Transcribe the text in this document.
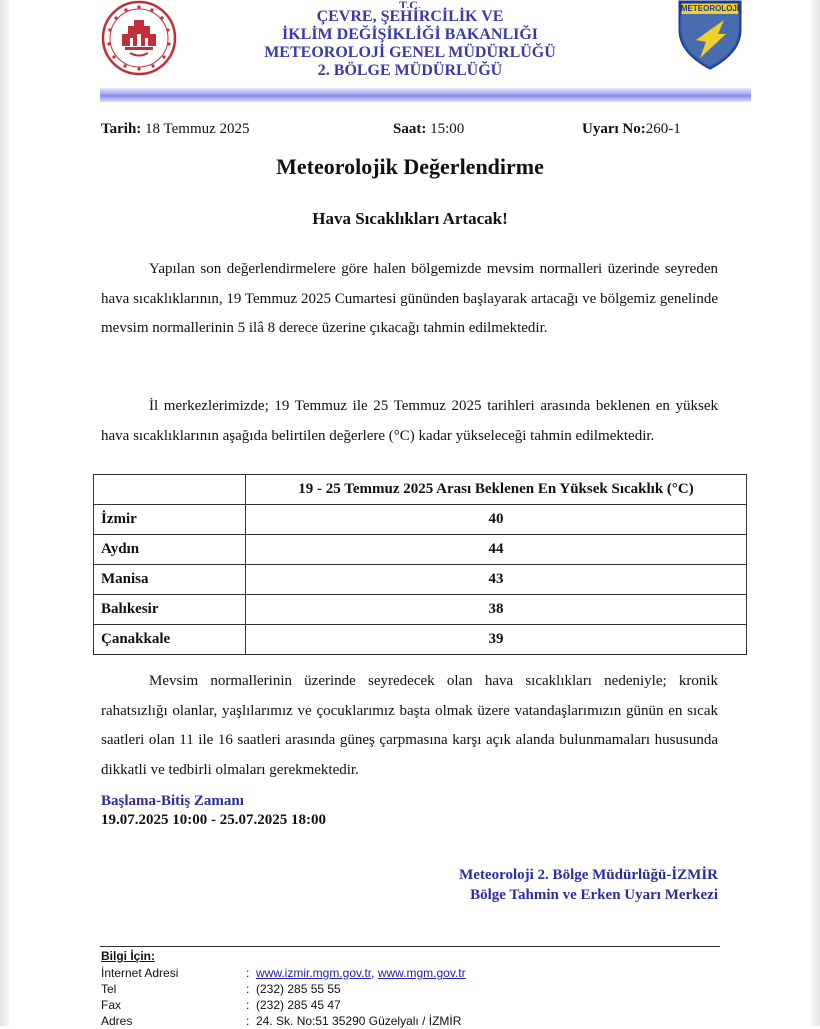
T.C.
ÇEVRE, ŞEHİRCİLİK VE
İKLİM DEĞİŞİKLİĞİ BAKANLIĞI
METEOROLOJİ GENEL MÜDÜRLÜĞÜ
2. BÖLGE MÜDÜRLÜĞÜ
METEOROLOJİ
Tarih: 18 Temmuz 2025	Saat: 15:00	Uyarı No:260-1
Meteorolojik Değerlendirme
Hava Sıcaklıkları Artacak!

Yapılan son değerlendirmelere göre halen bölgemizde mevsim normalleri üzerinde seyreden hava sıcaklıklarının, 19 Temmuz 2025 Cumartesi gününden başlayarak artacağı ve bölgemiz genelinde mevsim normallerinin 5 ilâ 8 derece üzerine çıkacağı tahmin edilmektedir.

İl merkezlerimizde; 19 Temmuz ile 25 Temmuz 2025 tarihleri arasında beklenen en yüksek hava sıcaklıklarının aşağıda belirtilen değerlere (°C) kadar yükseleceği tahmin edilmektedir.

	19 - 25 Temmuz 2025 Arası Beklenen En Yüksek Sıcaklık (°C)
İzmir	40
Aydın	44
Manisa	43
Balıkesir	38
Çanakkale	39

Mevsim normallerinin üzerinde seyredecek olan hava sıcaklıkları nedeniyle; kronik rahatsızlığı olanlar, yaşlılarımız ve çocuklarımız başta olmak üzere vatandaşlarımızın günün en sıcak saatleri olan 11 ile 16 saatleri arasında güneş çarpmasına karşı açık alanda bulunmamaları hususunda dikkatli ve tedbirli olmaları gerekmektedir.

Başlama-Bitiş Zamanı
19.07.2025 10:00 - 25.07.2025 18:00
Meteoroloji 2. Bölge Müdürlüğü-İZMİR
Bölge Tahmin ve Erken Uyarı Merkezi
Bilgi İçin:
İnternet Adresi	: www.izmir.mgm.gov.tr, www.mgm.gov.tr
Tel	: (232) 285 55 55
Fax	: (232) 285 45 47
Adres	: 24. Sk. No:51 35290 Güzelyalı / İZMİR
